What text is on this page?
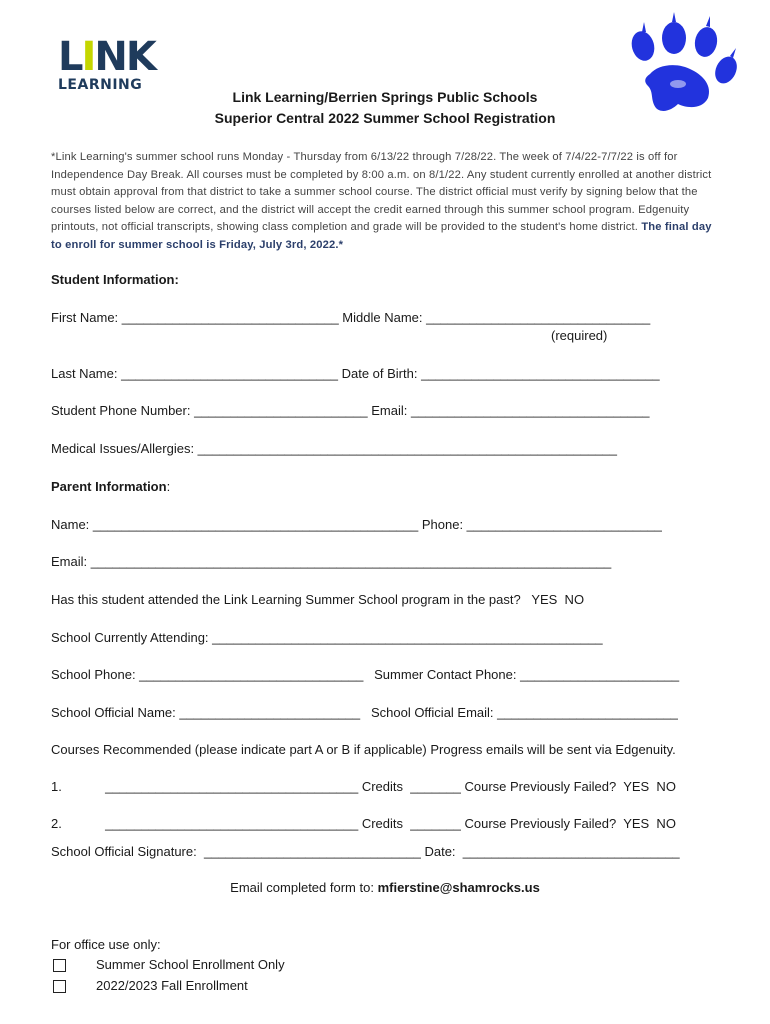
LINK
LEARNING
Link Learning/Berrien Springs Public Schools
Superior Central 2022 Summer School Registration
*Link Learning's summer school runs Monday - Thursday from 6/13/22 through 7/28/22. The week of 7/4/22-7/7/22 is off for Independence Day Break. All courses must be completed by 8:00 a.m. on 8/1/22. Any student currently enrolled at another district must obtain approval from that district to take a summer school course. The district official must verify by signing below that the courses listed below are correct, and the district will accept the credit earned through this summer school program. Edgenuity printouts, not official transcripts, showing class completion and grade will be provided to the student's home district. The final day to enroll for summer school is Friday, July 3rd, 2022.*
Student Information:
First Name: ______________________________ Middle Name: _______________________________
(required)
Last Name: ______________________________ Date of Birth: _________________________________
Student Phone Number: ________________________ Email: _________________________________
Medical Issues/Allergies: __________________________________________________________
Parent Information:
Name: _____________________________________________ Phone: ___________________________
Email: ________________________________________________________________________
Has this student attended the Link Learning Summer School program in the past?   YES  NO
School Currently Attending: ______________________________________________________
School Phone: _______________________________   Summer Contact Phone: ______________________
School Official Name: _________________________   School Official Email: _________________________
Courses Recommended (please indicate part A or B if applicable) Progress emails will be sent via Edgenuity.
1.            ___________________________________ Credits  _______ Course Previously Failed?  YES  NO
2.            ___________________________________ Credits  _______ Course Previously Failed?  YES  NO
School Official Signature:  ______________________________ Date:  ______________________________
Email completed form to: mfierstine@shamrocks.us
For office use only:
Summer School Enrollment Only
2022/2023 Fall Enrollment
